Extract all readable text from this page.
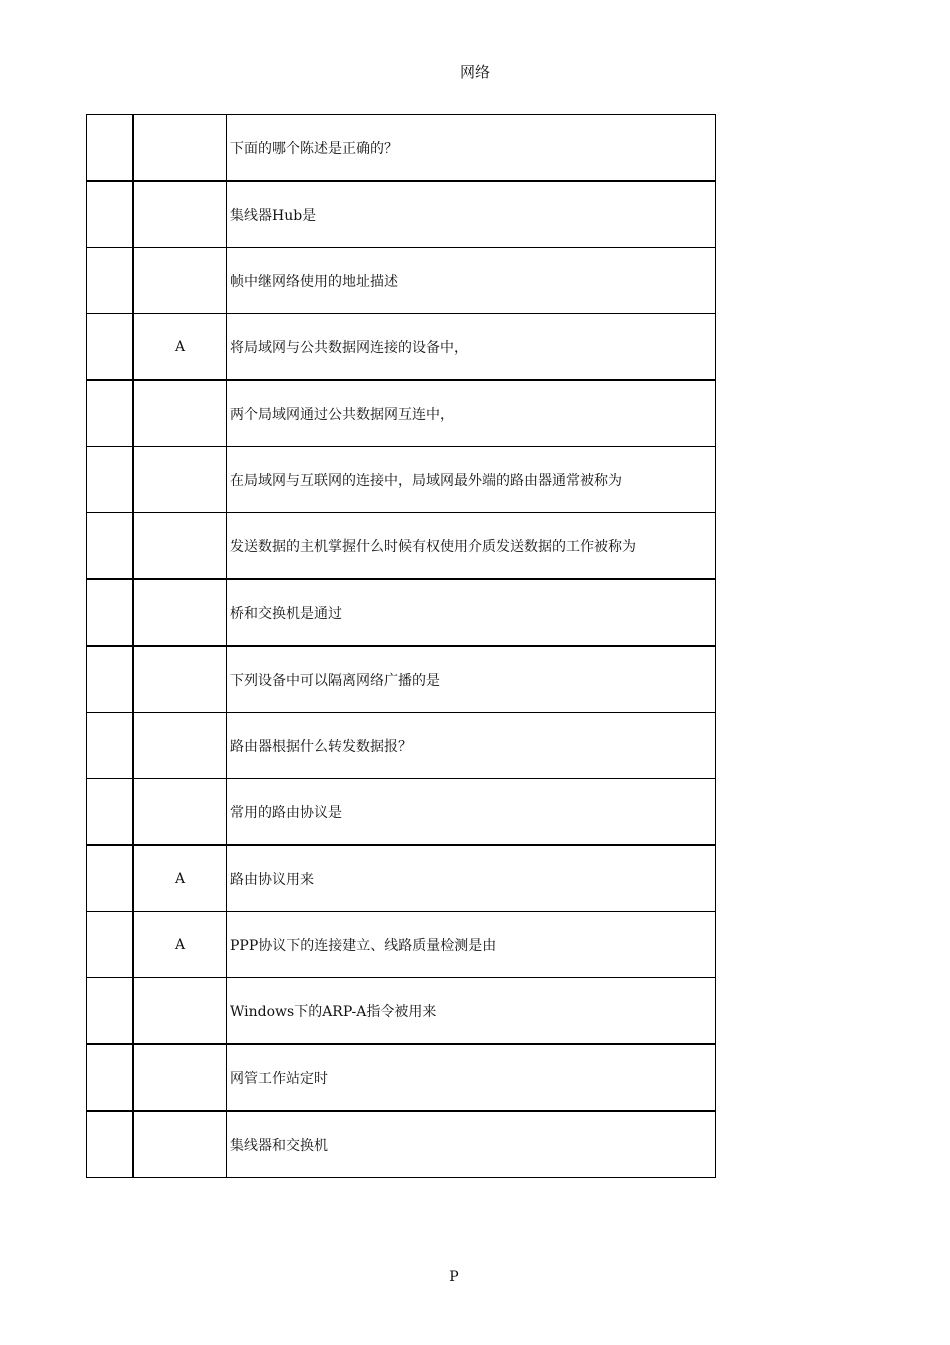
网络
		下面的哪个陈述是正确的？
		集线器Hub是
		帧中继网络使用的地址描述
	A	将局域网与公共数据网连接的设备中，
		两个局域网通过公共数据网互连中，
		在局域网与互联网的连接中，局域网最外端的路由器通常被称为
		发送数据的主机掌握什么时候有权使用介质发送数据的工作被称为
		桥和交换机是通过
		下列设备中可以隔离网络广播的是
		路由器根据什么转发数据报？
		常用的路由协议是
	A	路由协议用来
	A	PPP协议下的连接建立、线路质量检测是由
		Windows下的ARP-A指令被用来
		网管工作站定时
		集线器和交换机
P
